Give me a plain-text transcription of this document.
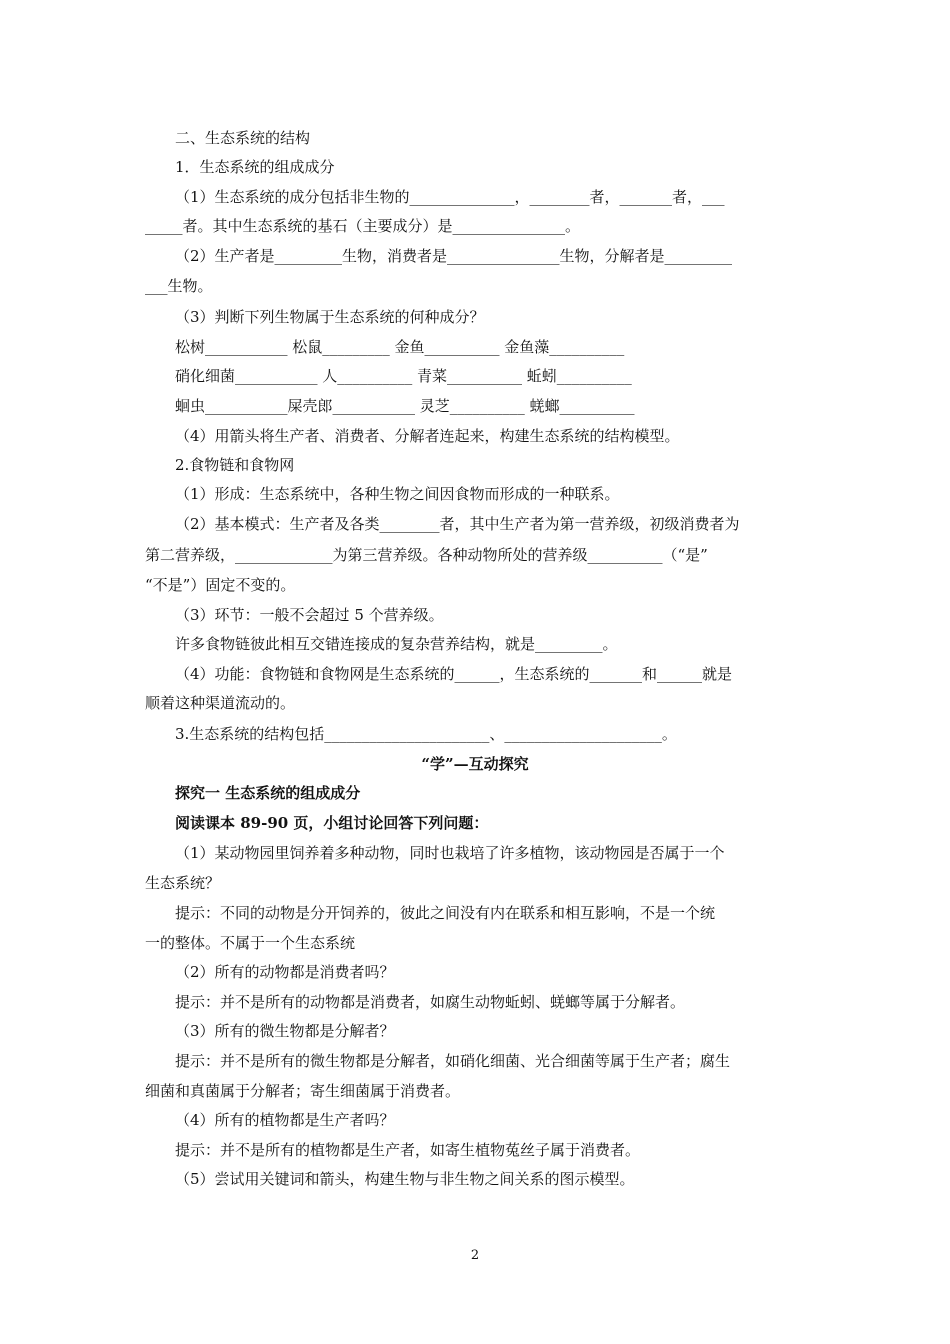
二、生态系统的结构
1．生态系统的组成成分
（1）生态系统的成分包括非生物的______________，________者，_______者，___
_____者。其中生态系统的基石（主要成分）是_______________。
（2）生产者是_________生物，消费者是_______________生物，分解者是_________
___生物。
（3）判断下列生物属于生态系统的何种成分？
松树___________ 松鼠_________ 金鱼__________ 金鱼藻__________
硝化细菌___________ 人__________ 青菜__________ 蚯蚓__________
蛔虫___________屎壳郎___________ 灵芝__________ 蜣螂__________
（4）用箭头将生产者、消费者、分解者连起来，构建生态系统的结构模型。
2.食物链和食物网
（1）形成：生态系统中，各种生物之间因食物而形成的一种联系。
（2）基本模式：生产者及各类________者，其中生产者为第一营养级，初级消费者为
第二营养级，_____________为第三营养级。各种动物所处的营养级__________（“是”
“不是”）固定不变的。
（3）环节：一般不会超过 5 个营养级。
许多食物链彼此相互交错连接成的复杂营养结构，就是_________。
（4）功能：食物链和食物网是生态系统的______，生态系统的_______和______就是
顺着这种渠道流动的。
3.生态系统的结构包括______________________、_____________________。
“学”—互动探究
探究一 生态系统的组成成分
阅读课本 89-90 页，小组讨论回答下列问题：
（1）某动物园里饲养着多种动物，同时也栽培了许多植物，该动物园是否属于一个
生态系统？
提示：不同的动物是分开饲养的，彼此之间没有内在联系和相互影响，不是一个统
一的整体。不属于一个生态系统
（2）所有的动物都是消费者吗？
提示：并不是所有的动物都是消费者，如腐生动物蚯蚓、蜣螂等属于分解者。
（3）所有的微生物都是分解者？
提示：并不是所有的微生物都是分解者，如硝化细菌、光合细菌等属于生产者；腐生
细菌和真菌属于分解者；寄生细菌属于消费者。
（4）所有的植物都是生产者吗？
提示：并不是所有的植物都是生产者，如寄生植物菟丝子属于消费者。
（5）尝试用关键词和箭头，构建生物与非生物之间关系的图示模型。
2
